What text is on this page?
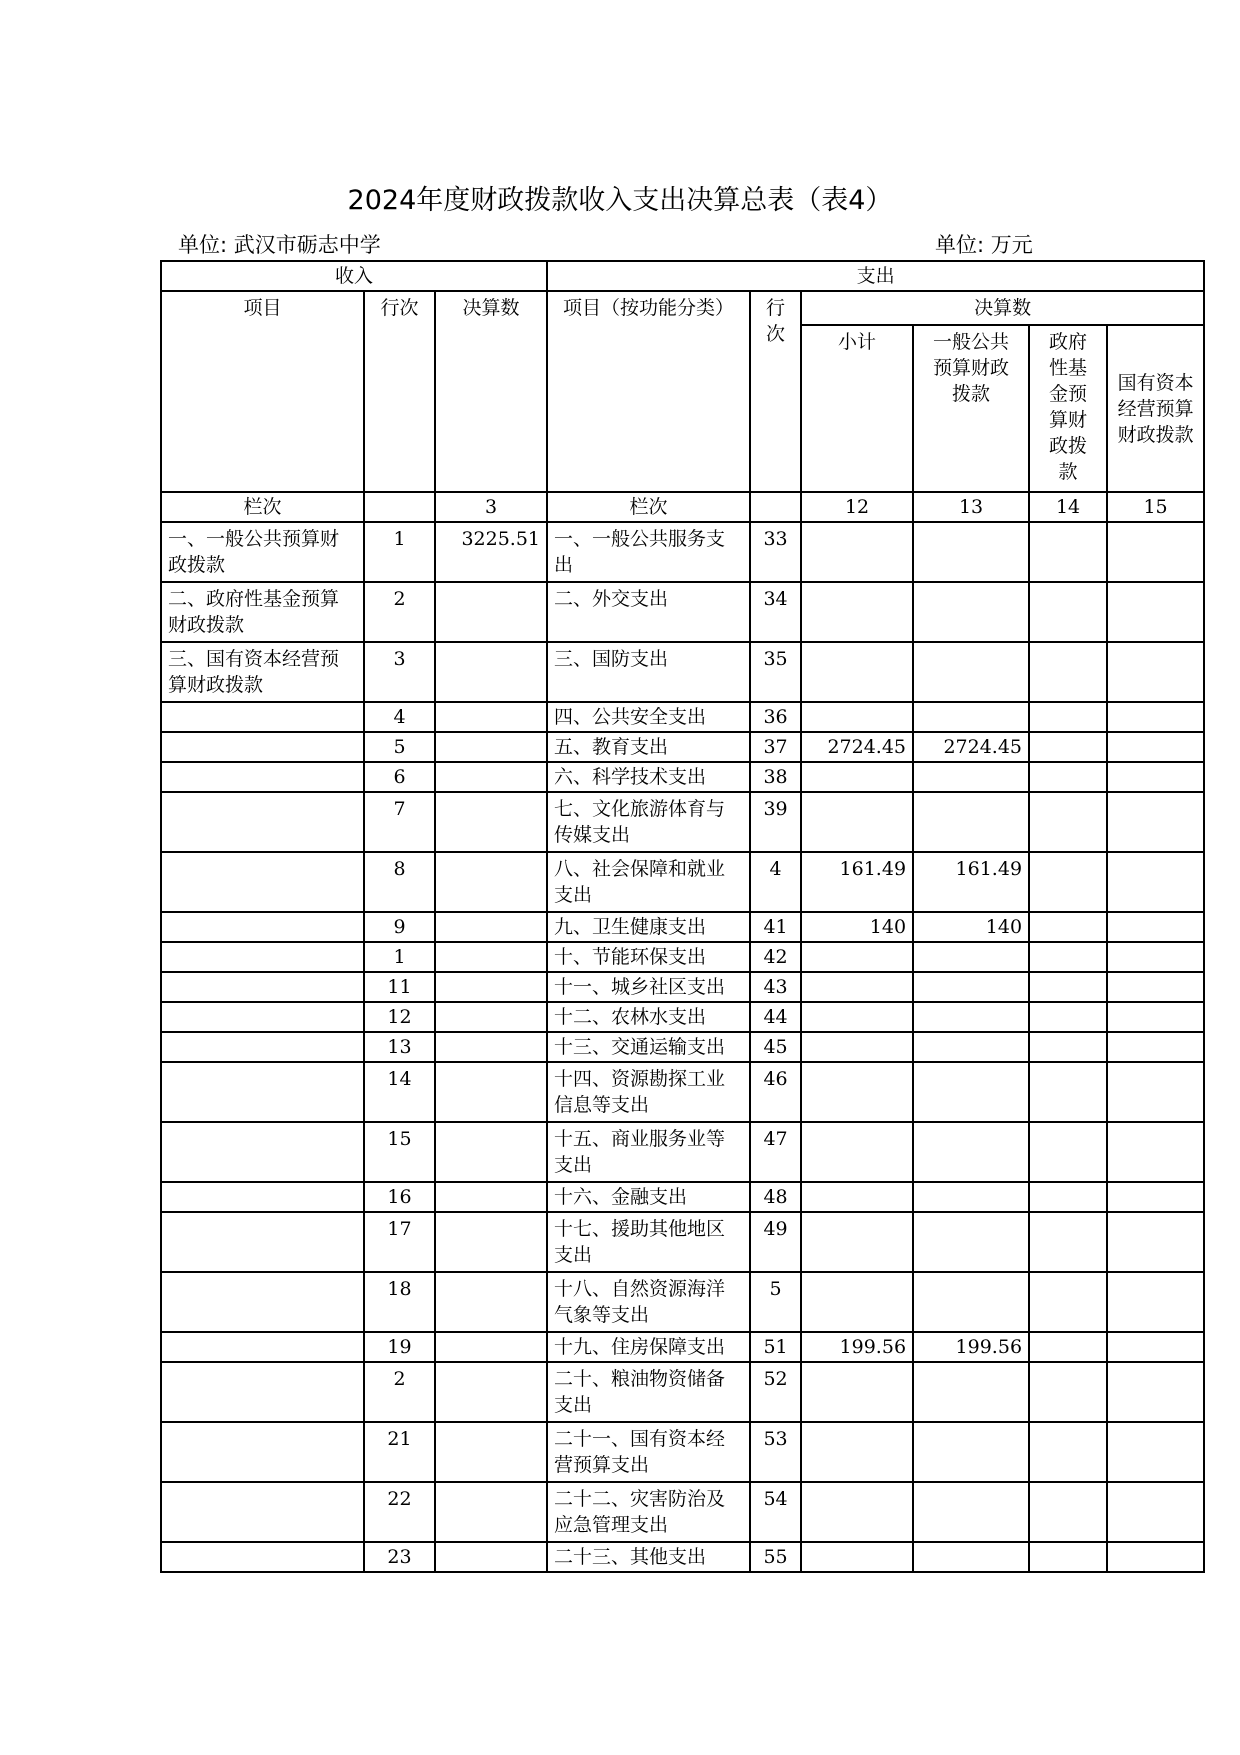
2024年度财政拨款收入支出决算总表（表4）
单位: 武汉市砺志中学	单位: 万元
收入			支出					
项目	行次	决算数	项目（按功能分类）	行次	决算数			
					小计	一般公共预算财政拨款	政府性基金预算财政拨款	国有资本经营预算财政拨款
栏次		3	栏次		12	13	14	15
一、一般公共预算财政拨款	1	3225.51	一、一般公共服务支出	33				
二、政府性基金预算财政拨款	2		二、外交支出	34				
三、国有资本经营预算财政拨款	3		三、国防支出	35				
	4		四、公共安全支出	36				
	5		五、教育支出	37	2724.45	2724.45		
	6		六、科学技术支出	38				
	7		七、文化旅游体育与传媒支出	39				
	8		八、社会保障和就业支出	4	161.49	161.49		
	9		九、卫生健康支出	41	140	140		
	1		十、节能环保支出	42				
	11		十一、城乡社区支出	43				
	12		十二、农林水支出	44				
	13		十三、交通运输支出	45				
	14		十四、资源勘探工业信息等支出	46				
	15		十五、商业服务业等支出	47				
	16		十六、金融支出	48				
	17		十七、援助其他地区支出	49				
	18		十八、自然资源海洋气象等支出	5				
	19		十九、住房保障支出	51	199.56	199.56		
	2		二十、粮油物资储备支出	52				
	21		二十一、国有资本经营预算支出	53				
	22		二十二、灾害防治及应急管理支出	54				
	23		二十三、其他支出	55				
